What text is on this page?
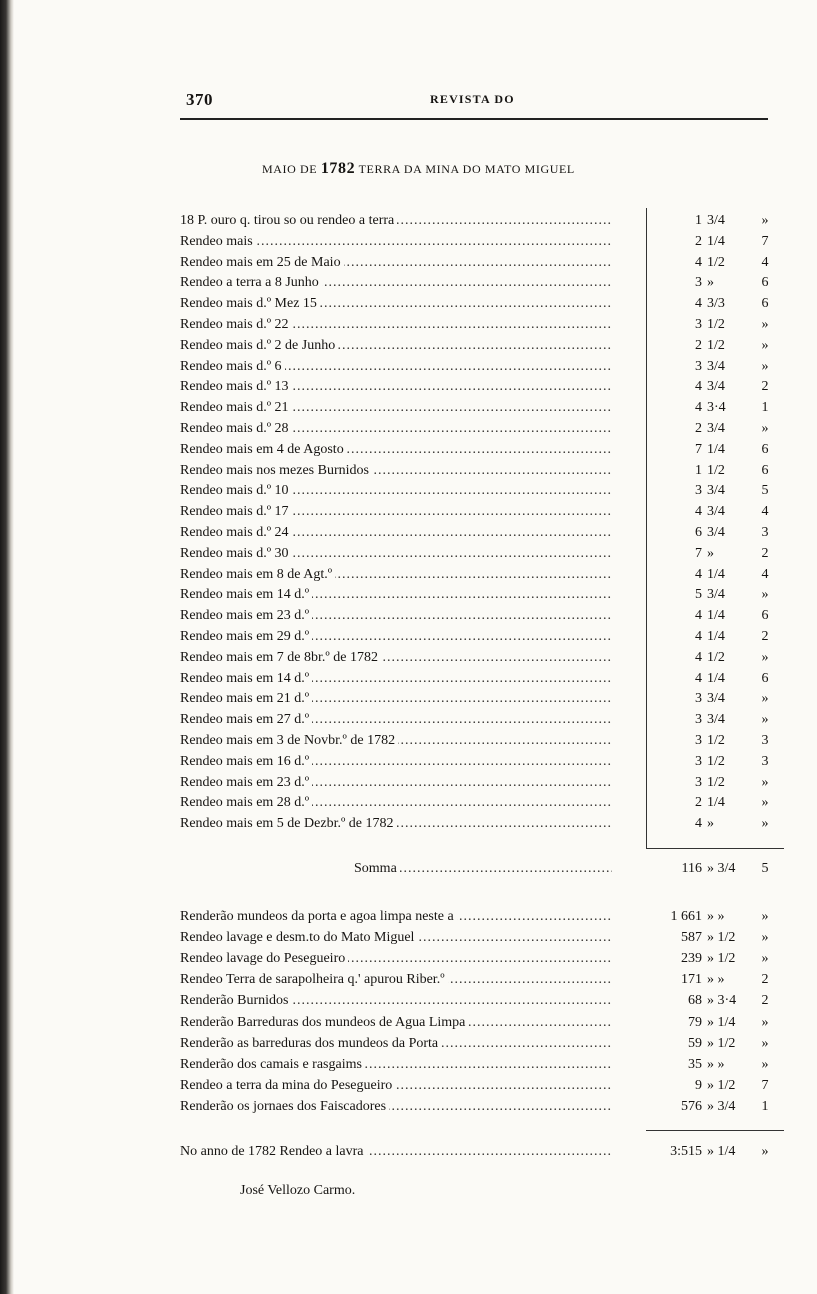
370	REVISTA DO
MAIO DE 1782 TERRA DA MINA DO MATO MIGUEL
18 P. ouro q. tirou so ou rendeo a terra .....	1 3/4	»
Rendeo mais .....	2 1/4	7
Rendeo mais em 25 de Maio .....	4 1/2	4
Rendeo a terra a 8 Junho .....	3 »	6
Rendeo mais d.º Mez 15 .....	4 3/3	6
Rendeo mais d.º 22 .....	3 1/2	»
Rendeo mais d.º 2 de Junho .....	2 1/2	»
Rendeo mais d.º 6 .....	3 3/4	»
Rendeo mais d.º 13 .....	4 3/4	2
Rendeo mais d.º 21 .....	4 3·4	1
Rendeo mais d.º 28 .....	2 3/4	»
Rendeo mais em 4 de Agosto .....	7 1/4	6
Rendeo mais nos mezes Burnidos .....	1 1/2	6
Rendeo mais d.º 10 .....	3 3/4	5
Rendeo mais d.º 17 .....	4 3/4	4
Rendeo mais d.º 24 .....	6 3/4	3
Rendeo mais d.º 30 .....	7 »	2
Rendeo mais em 8 de Agt.º .....	4 1/4	4
Rendeo mais em 14 d.º .....	5 3/4	»
Rendeo mais em 23 d.º .....	4 1/4	6
Rendeo mais em 29 d.º .....	4 1/4	2
Rendeo mais em 7 de 8br.º de 1782 .....	4 1/2	»
Rendeo mais em 14 d.º .....	4 1/4	6
Rendeo mais em 21 d.º .....	3 3/4	»
Rendeo mais em 27 d.º .....	3 3/4	»
Rendeo mais em 3 de Novbr.º de 1782 .....	3 1/2	3
Rendeo mais em 16 d.º .....	3 1/2	3
Rendeo mais em 23 d.º .....	3 1/2	»
Rendeo mais em 28 d.º .....	2 1/4	»
Rendeo mais em 5 de Dezbr.º de 1782 .....	4 »	»
Somma .....	116 » 3/4	5
Renderão mundeos da porta e agoa limpa neste a .....	1 661 » »	»
Rendeo lavage e desm.to do Mato Miguel .....	587 » 1/2	»
Rendeo lavage do Pesegueiro .....	239 » 1/2	»
Rendeo Terra de sarapolheira q.' apurou Riber.º .....	171 » »	2
Renderão Burnidos .....	68 » 3·4	2
Renderão Barreduras dos mundeos de Agua Limpa .....	79 » 1/4	»
Renderão as barreduras dos mundeos da Porta .....	59 » 1/2	»
Renderão dos camais e rasgaims .....	35 » »	»
Rendeo a terra da mina do Pesegueiro .....	9 » 1/2	7
Renderão os jornaes dos Faiscadores .....	576 » 3/4	1
No anno de 1782 Rendeo a lavra .....	3:515 » 1/4	»
José Vellozo Carmo.
